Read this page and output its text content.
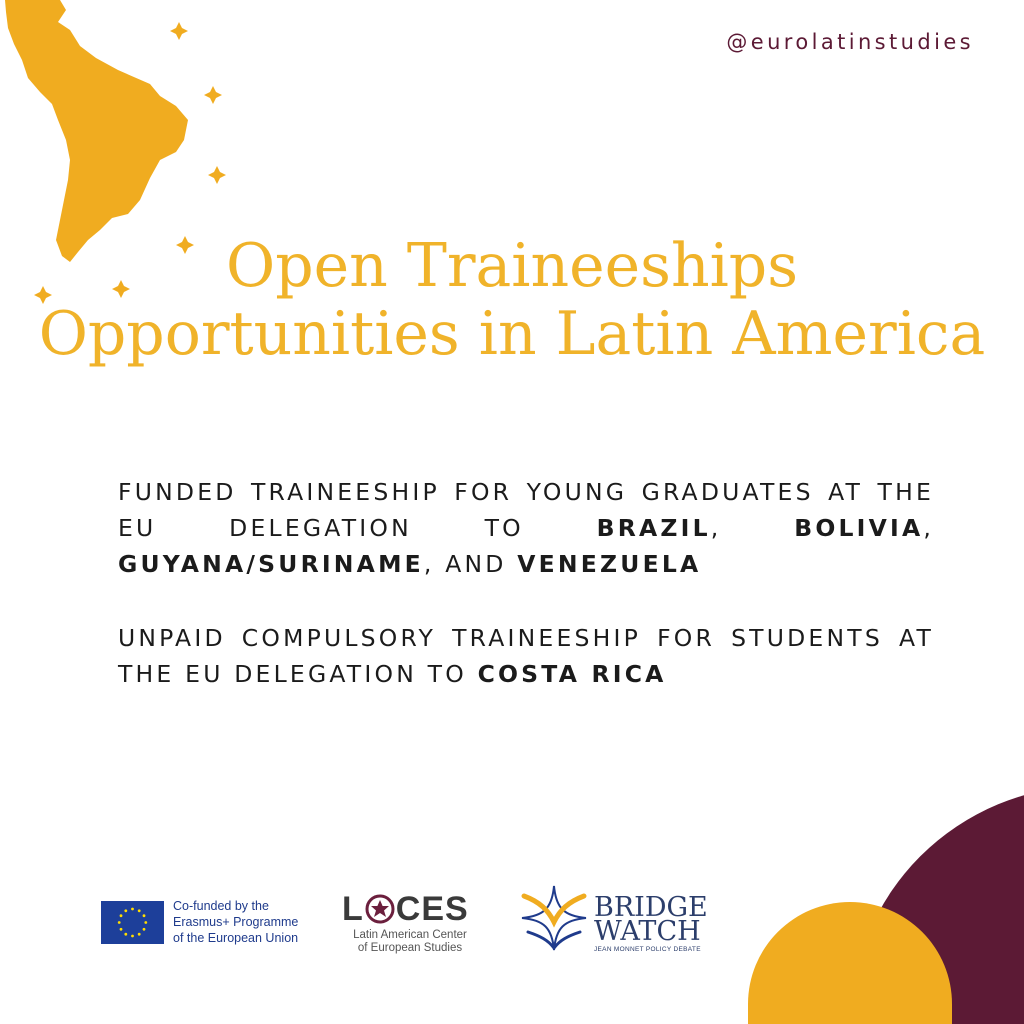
@eurolatinstudies
Open Traineeships
Opportunities in Latin America

FUNDED TRAINEESHIP FOR YOUNG GRADUATES AT THE EU DELEGATION TO BRAZIL, BOLIVIA, GUYANA/SURINAME, AND VENEZUELA

UNPAID COMPULSORY TRAINEESHIP FOR STUDENTS AT THE EU DELEGATION TO COSTA RICA

Co-funded by the
Erasmus+ Programme
of the European Union
L CES
Latin American Center
of European Studies
BRIDGE
WATCH
JEAN MONNET POLICY DEBATE
